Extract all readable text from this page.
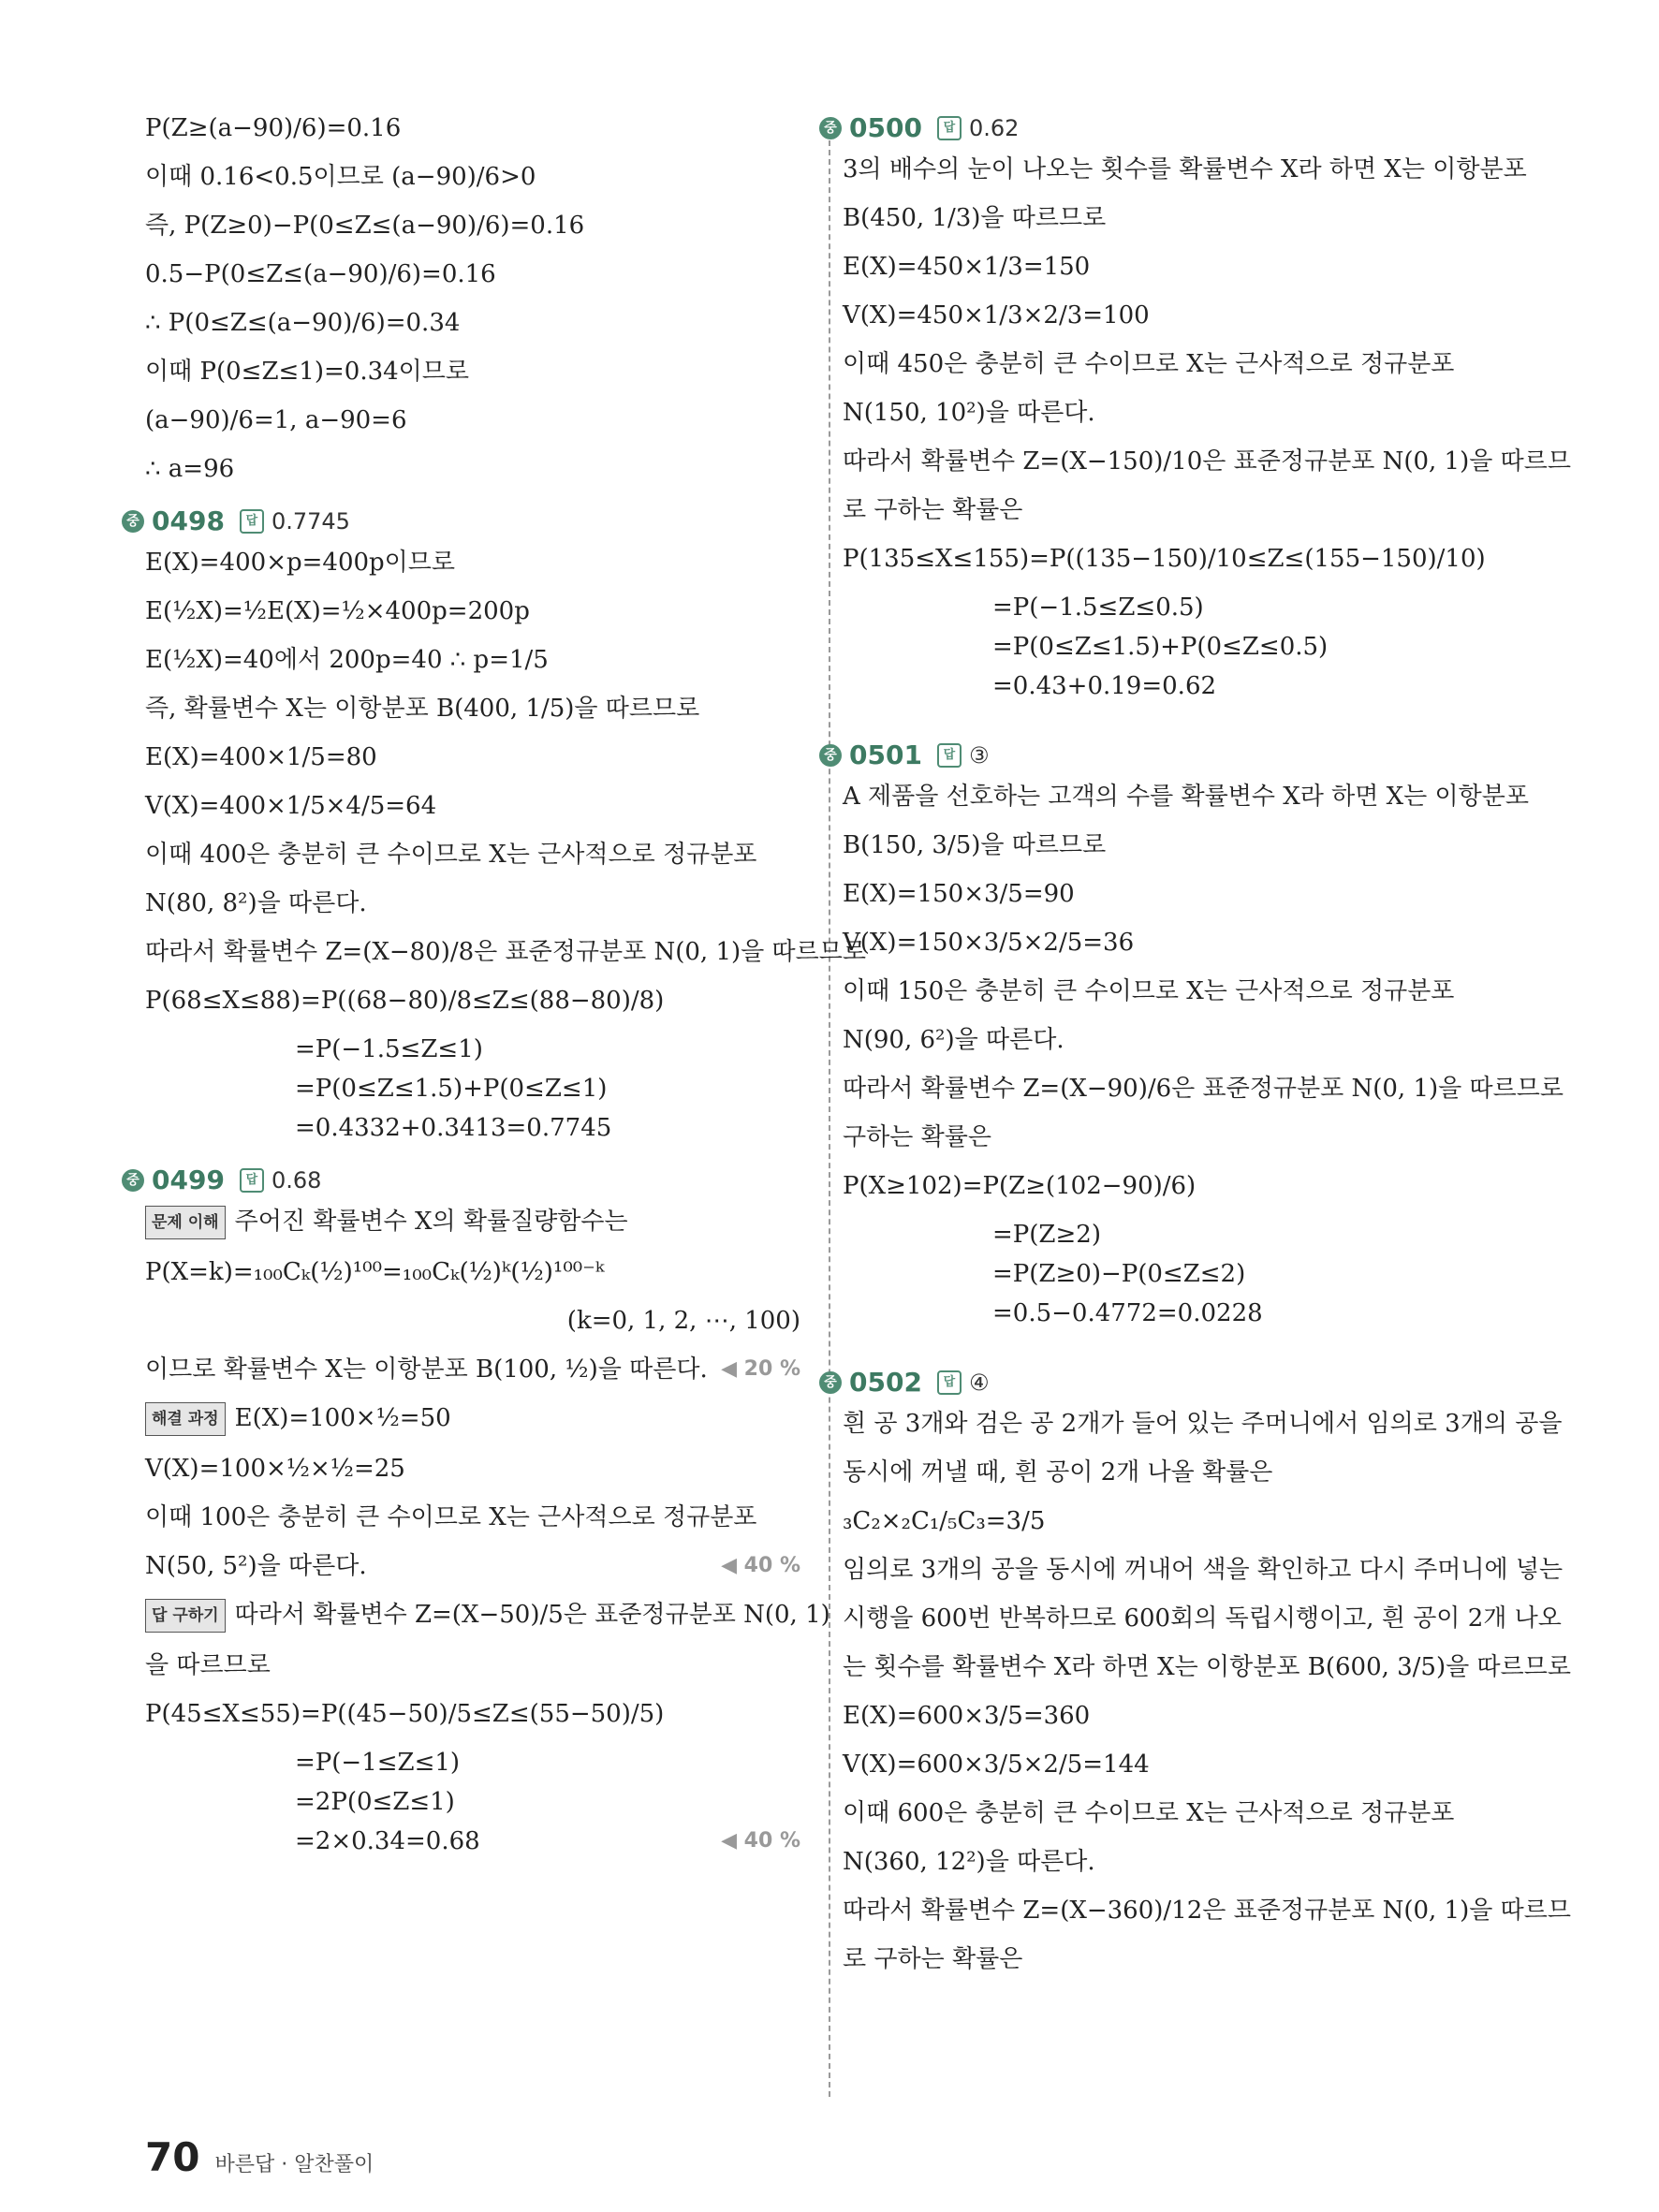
P(Z≥(a−90)/6)=0.16
이때 0.16<0.5이므로 (a−90)/6>0
즉, P(Z≥0)−P(0≤Z≤(a−90)/6)=0.16
0.5−P(0≤Z≤(a−90)/6)=0.16
∴ P(0≤Z≤(a−90)/6)=0.34
이때 P(0≤Z≤1)=0.34이므로
(a−90)/6=1, a−90=6
∴ a=96
중 0498	답 0.7745
E(X)=400×p=400p이므로
E(½X)=½E(X)=½×400p=200p
E(½X)=40에서 200p=40 ∴ p=1/5
즉, 확률변수 X는 이항분포 B(400, 1/5)을 따르므로
E(X)=400×1/5=80
V(X)=400×1/5×4/5=64
이때 400은 충분히 큰 수이므로 X는 근사적으로 정규분포
N(80, 8²)을 따른다.
따라서 확률변수 Z=(X−80)/8은 표준정규분포 N(0, 1)을 따르므로
P(68≤X≤88)=P((68−80)/8≤Z≤(88−80)/8)
=P(−1.5≤Z≤1)
=P(0≤Z≤1.5)+P(0≤Z≤1)
=0.4332+0.3413=0.7745
중 0499	답 0.68
문제 이해 주어진 확률변수 X의 확률질량함수는
P(X=k)=₁₀₀Cₖ(½)¹⁰⁰=₁₀₀Cₖ(½)ᵏ(½)¹⁰⁰⁻ᵏ
(k=0, 1, 2, ⋯, 100)
이므로 확률변수 X는 이항분포 B(100, ½)을 따른다. ◀ 20 %
해결 과정 E(X)=100×½=50
V(X)=100×½×½=25
이때 100은 충분히 큰 수이므로 X는 근사적으로 정규분포
N(50, 5²)을 따른다.	◀ 40 %
답 구하기 따라서 확률변수 Z=(X−50)/5은 표준정규분포 N(0, 1)
을 따르므로
P(45≤X≤55)=P((45−50)/5≤Z≤(55−50)/5)
=P(−1≤Z≤1)
=2P(0≤Z≤1)
=2×0.34=0.68	◀ 40 %
중 0500	답 0.62
3의 배수의 눈이 나오는 횟수를 확률변수 X라 하면 X는 이항분포
B(450, 1/3)을 따르므로
E(X)=450×1/3=150
V(X)=450×1/3×2/3=100
이때 450은 충분히 큰 수이므로 X는 근사적으로 정규분포
N(150, 10²)을 따른다.
따라서 확률변수 Z=(X−150)/10은 표준정규분포 N(0, 1)을 따르므
로 구하는 확률은
P(135≤X≤155)=P((135−150)/10≤Z≤(155−150)/10)
=P(−1.5≤Z≤0.5)
=P(0≤Z≤1.5)+P(0≤Z≤0.5)
=0.43+0.19=0.62
중 0501	답 ③
A 제품을 선호하는 고객의 수를 확률변수 X라 하면 X는 이항분포
B(150, 3/5)을 따르므로
E(X)=150×3/5=90
V(X)=150×3/5×2/5=36
이때 150은 충분히 큰 수이므로 X는 근사적으로 정규분포
N(90, 6²)을 따른다.
따라서 확률변수 Z=(X−90)/6은 표준정규분포 N(0, 1)을 따르므로
구하는 확률은
P(X≥102)=P(Z≥(102−90)/6)
=P(Z≥2)
=P(Z≥0)−P(0≤Z≤2)
=0.5−0.4772=0.0228
중 0502	답 ④
흰 공 3개와 검은 공 2개가 들어 있는 주머니에서 임의로 3개의 공을
동시에 꺼낼 때, 흰 공이 2개 나올 확률은
₃C₂×₂C₁/₅C₃=3/5
임의로 3개의 공을 동시에 꺼내어 색을 확인하고 다시 주머니에 넣는
시행을 600번 반복하므로 600회의 독립시행이고, 흰 공이 2개 나오
는 횟수를 확률변수 X라 하면 X는 이항분포 B(600, 3/5)을 따르므로
E(X)=600×3/5=360
V(X)=600×3/5×2/5=144
이때 600은 충분히 큰 수이므로 X는 근사적으로 정규분포
N(360, 12²)을 따른다.
따라서 확률변수 Z=(X−360)/12은 표준정규분포 N(0, 1)을 따르므
로 구하는 확률은
70 바른답 · 알찬풀이
